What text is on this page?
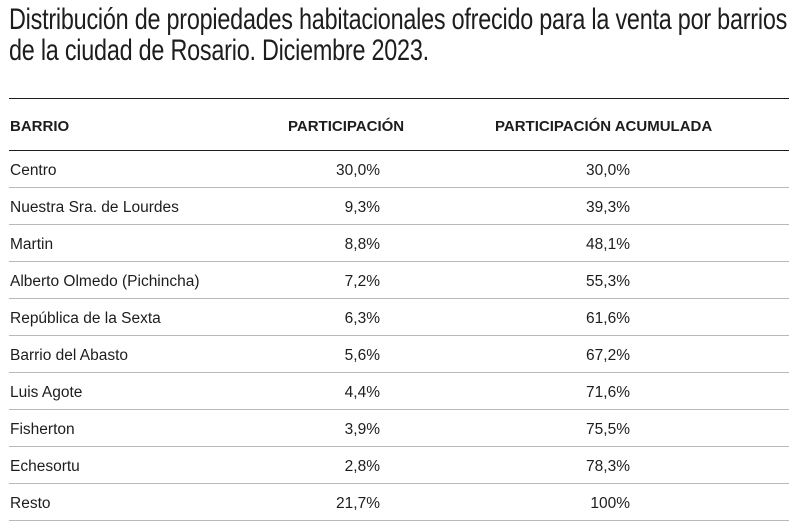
Distribución de propiedades habitacionales ofrecido para la venta por barrios
de la ciudad de Rosario. Diciembre 2023.
BARRIO	PARTICIPACIÓN	PARTICIPACIÓN ACUMULADA
Centro	30,0%	30,0%
Nuestra Sra. de Lourdes	9,3%	39,3%
Martin	8,8%	48,1%
Alberto Olmedo (Pichincha)	7,2%	55,3%
República de la Sexta	6,3%	61,6%
Barrio del Abasto	5,6%	67,2%
Luis Agote	4,4%	71,6%
Fisherton	3,9%	75,5%
Echesortu	2,8%	78,3%
Resto	21,7%	100%
